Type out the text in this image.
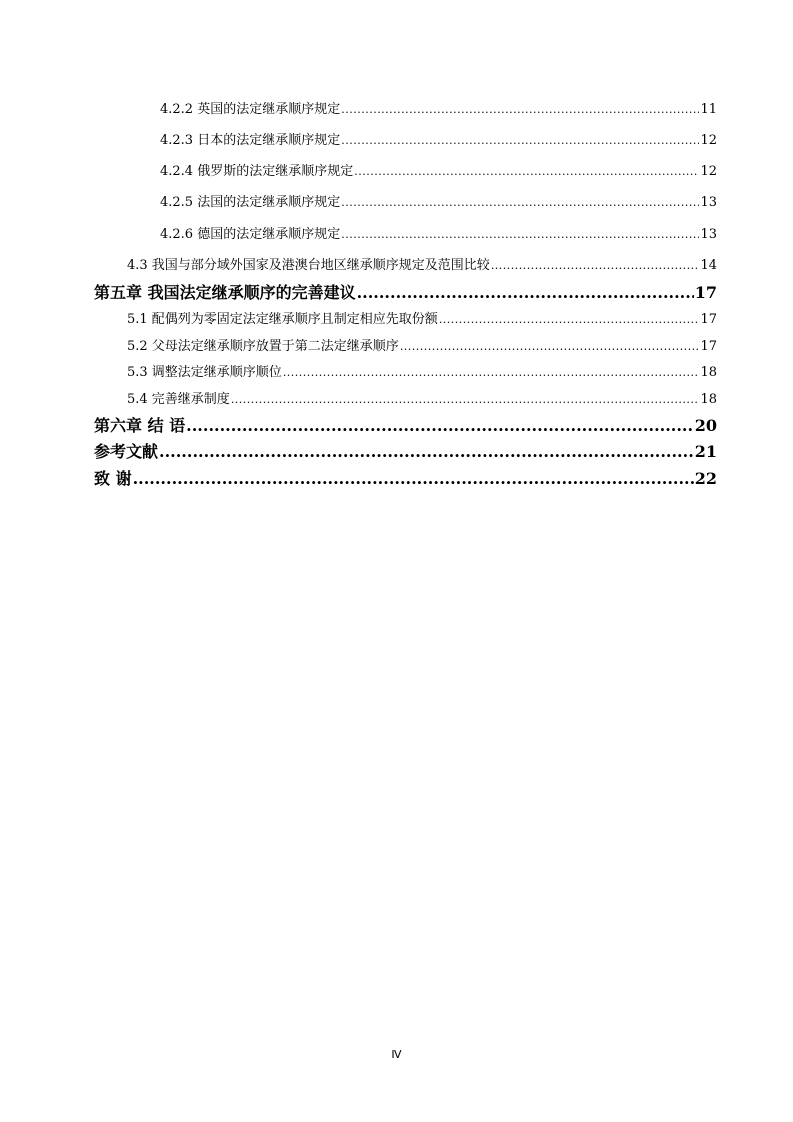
4.2.2 英国的法定继承顺序规定 .....	11
4.2.3 日本的法定继承顺序规定 .....	12
4.2.4 俄罗斯的法定继承顺序规定 .....	12
4.2.5 法国的法定继承顺序规定 .....	13
4.2.6 德国的法定继承顺序规定 .....	13
4.3 我国与部分域外国家及港澳台地区继承顺序规定及范围比较 .....	14
第五章 我国法定继承顺序的完善建议 .....	17
5.1 配偶列为零固定法定继承顺序且制定相应先取份额 .....	17
5.2 父母法定继承顺序放置于第二法定继承顺序 .....	17
5.3 调整法定继承顺序顺位 .....	18
5.4 完善继承制度 .....	18
第六章 结 语 .....	20
参考文献 .....	21
致 谢 .....	22
Ⅳ
